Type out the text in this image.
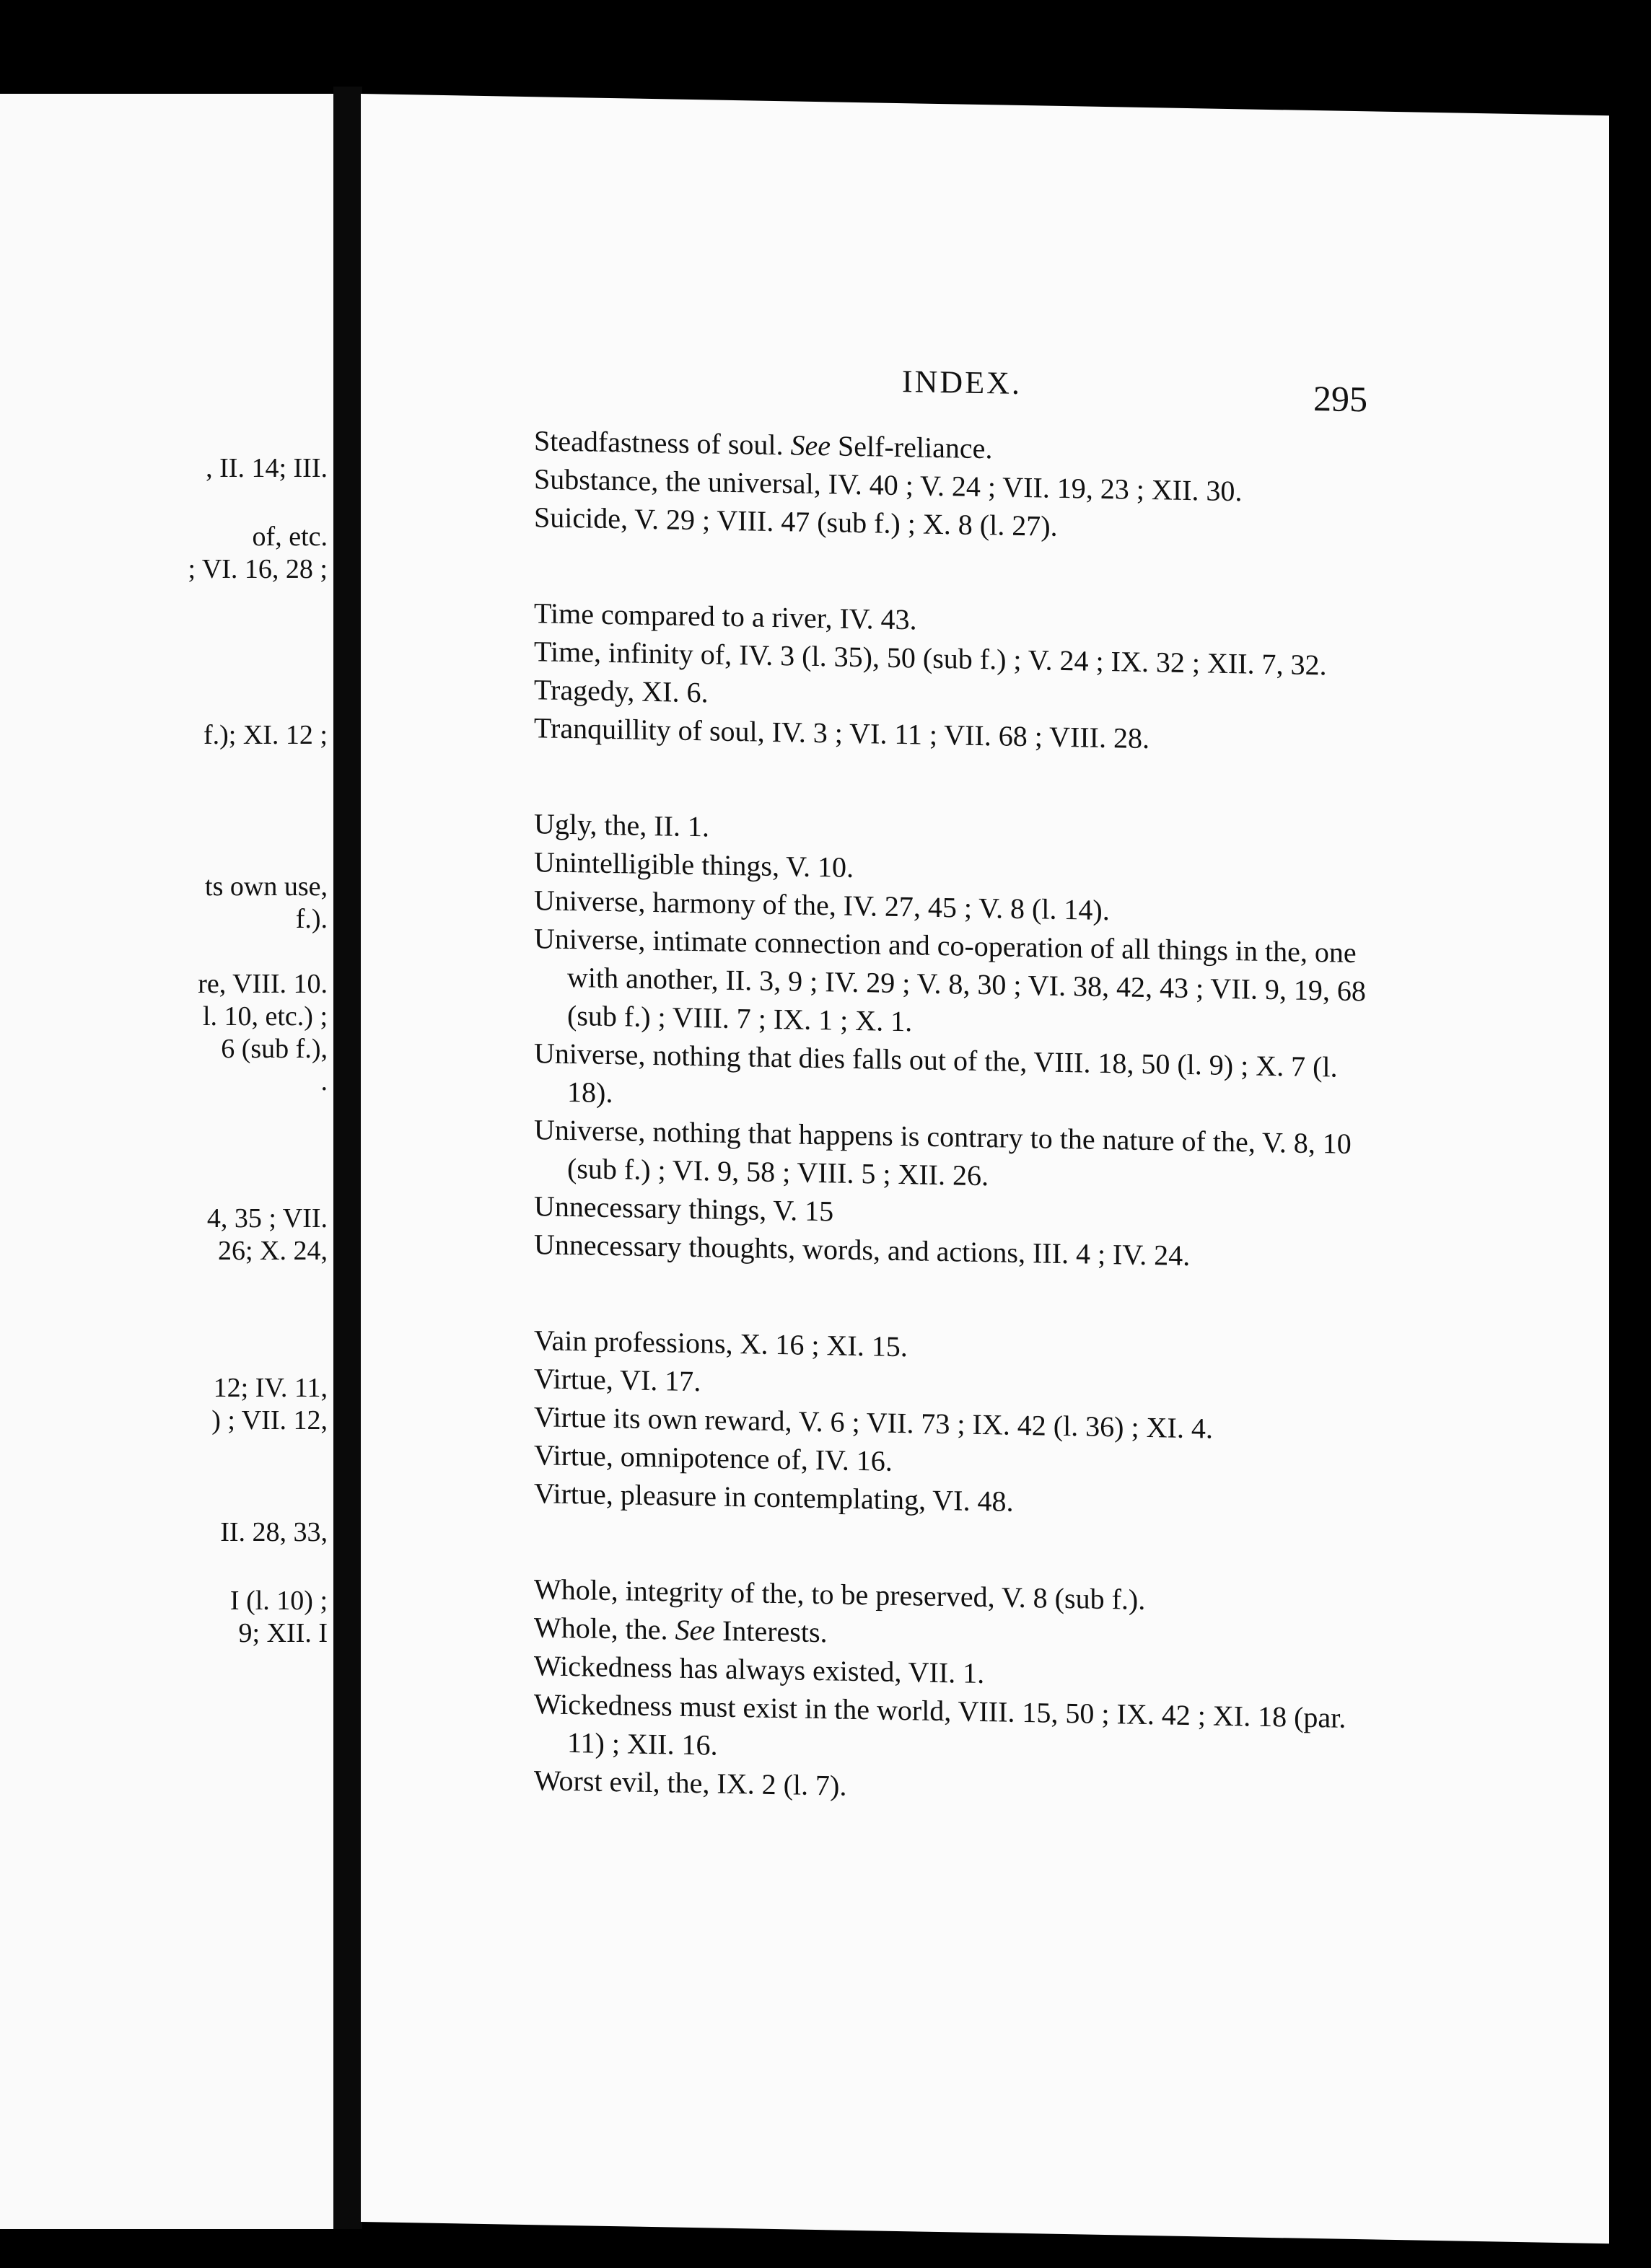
, II. 14; III.
of, etc.
; VI. 16, 28 ;
f.); XI. 12 ;
ts own use,
f.).
re, VIII. 10.
l. 10, etc.) ;
6 (sub f.),
.
4, 35 ; VII.
26; X. 24,
12; IV. 11,
) ; VII. 12,
II. 28, 33,
I (l. 10) ;
9; XII. I
INDEX.	295
Steadfastness of soul. See Self-reliance.
Substance, the universal, IV. 40 ; V. 24 ; VII. 19, 23 ; XII. 30.
Suicide, V. 29 ; VIII. 47 (sub f.) ; X. 8 (l. 27).
Time compared to a river, IV. 43.
Time, infinity of, IV. 3 (l. 35), 50 (sub f.) ; V. 24 ; IX. 32 ; XII. 7, 32.
Tragedy, XI. 6.
Tranquillity of soul, IV. 3 ; VI. 11 ; VII. 68 ; VIII. 28.
Ugly, the, II. 1.
Unintelligible things, V. 10.
Universe, harmony of the, IV. 27, 45 ; V. 8 (l. 14).
Universe, intimate connection and co-operation of all things in the, one with another, II. 3, 9 ; IV. 29 ; V. 8, 30 ; VI. 38, 42, 43 ; VII. 9, 19, 68 (sub f.) ; VIII. 7 ; IX. 1 ; X. 1.
Universe, nothing that dies falls out of the, VIII. 18, 50 (l. 9) ; X. 7 (l. 18).
Universe, nothing that happens is contrary to the nature of the, V. 8, 10 (sub f.) ; VI. 9, 58 ; VIII. 5 ; XII. 26.
Unnecessary things, V. 15
Unnecessary thoughts, words, and actions, III. 4 ; IV. 24.
Vain professions, X. 16 ; XI. 15.
Virtue, VI. 17.
Virtue its own reward, V. 6 ; VII. 73 ; IX. 42 (l. 36) ; XI. 4.
Virtue, omnipotence of, IV. 16.
Virtue, pleasure in contemplating, VI. 48.
Whole, integrity of the, to be preserved, V. 8 (sub f.).
Whole, the. See Interests.
Wickedness has always existed, VII. 1.
Wickedness must exist in the world, VIII. 15, 50 ; IX. 42 ; XI. 18 (par. 11) ; XII. 16.
Worst evil, the, IX. 2 (l. 7).
